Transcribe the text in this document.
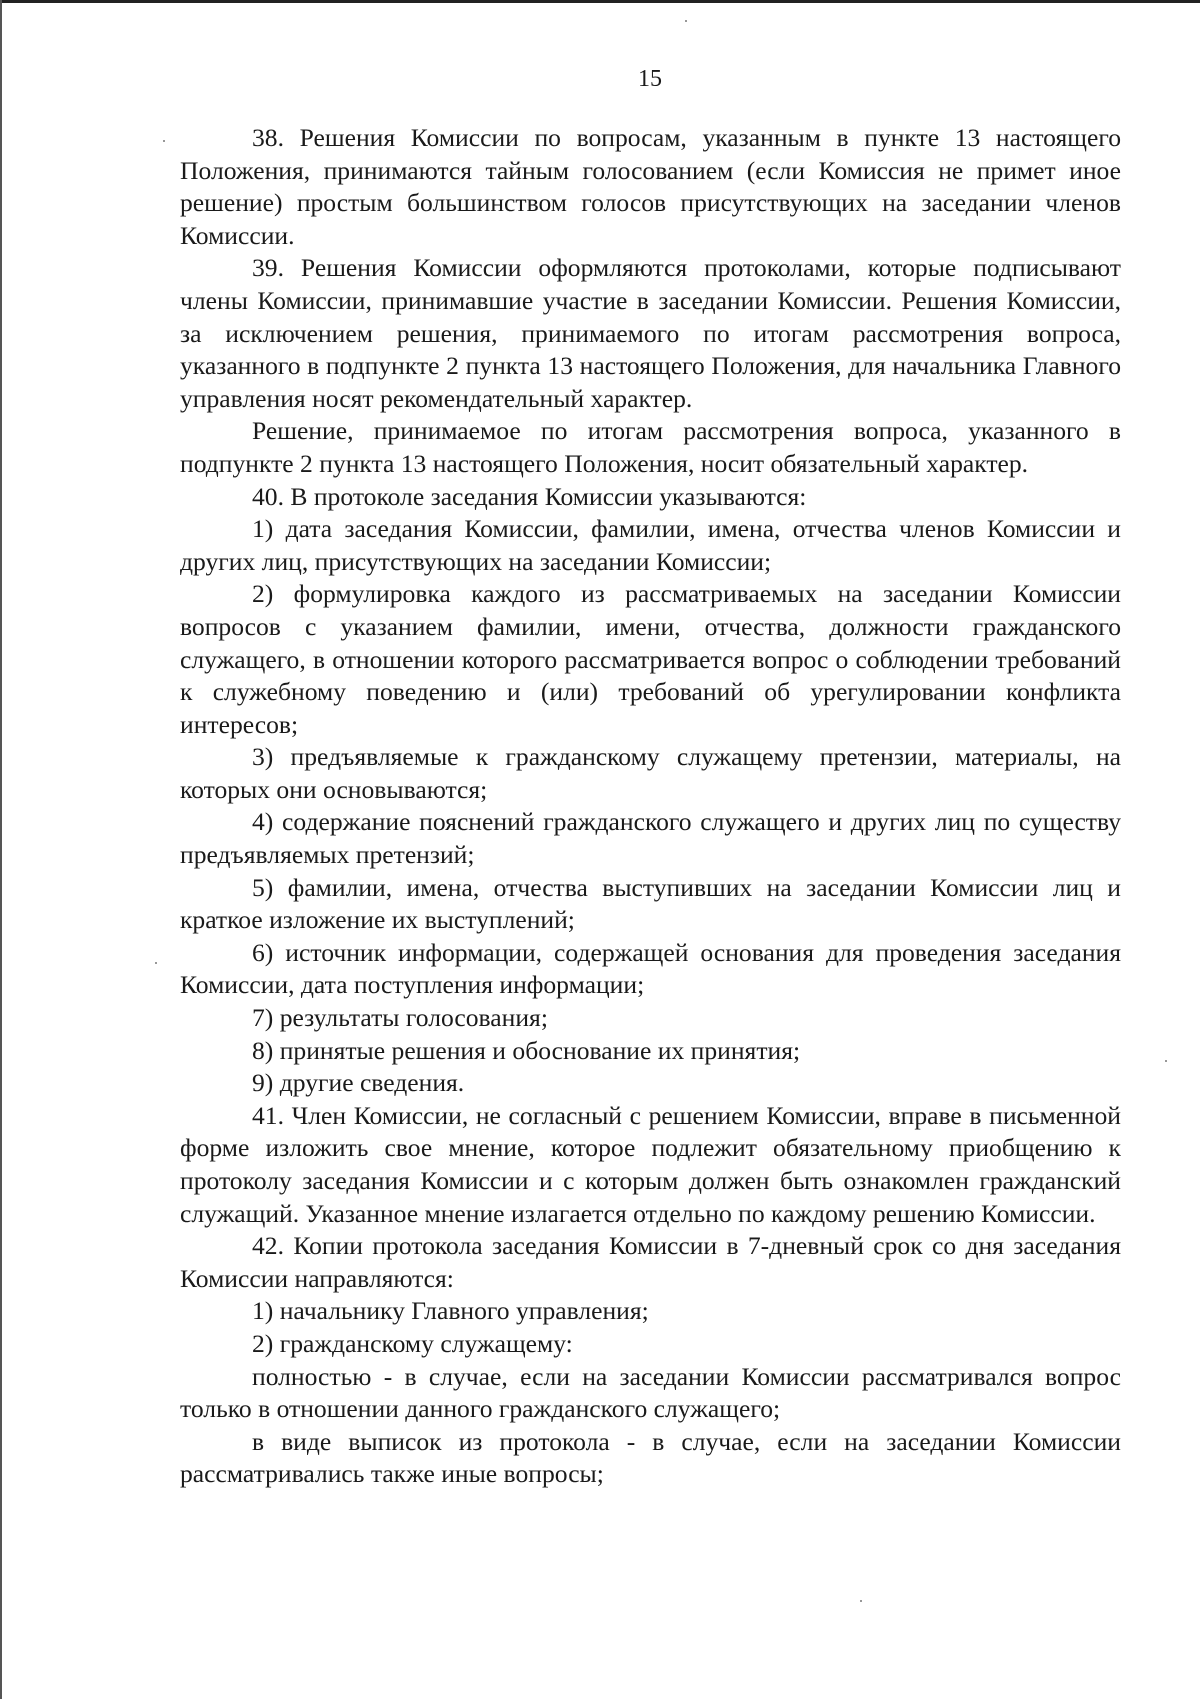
15

38. Решения Комиссии по вопросам, указанным в пункте 13 настоящего Положения, принимаются тайным голосованием (если Комиссия не примет иное решение) простым большинством голосов присутствующих на заседании членов Комиссии.

39. Решения Комиссии оформляются протоколами, которые подписывают члены Комиссии, принимавшие участие в заседании Комиссии. Решения Комиссии, за исключением решения, принимаемого по итогам рассмотрения вопроса, указанного в подпункте 2 пункта 13 настоящего Положения, для начальника Главного управления носят рекомендательный характер.

Решение, принимаемое по итогам рассмотрения вопроса, указанного в подпункте 2 пункта 13 настоящего Положения, носит обязательный характер.

40. В протоколе заседания Комиссии указываются:

1) дата заседания Комиссии, фамилии, имена, отчества членов Комиссии и других лиц, присутствующих на заседании Комиссии;

2) формулировка каждого из рассматриваемых на заседании Комиссии вопросов с указанием фамилии, имени, отчества, должности гражданского служащего, в отношении которого рассматривается вопрос о соблюдении требований к служебному поведению и (или) требований об урегулировании конфликта интересов;

3) предъявляемые к гражданскому служащему претензии, материалы, на которых они основываются;

4) содержание пояснений гражданского служащего и других лиц по существу предъявляемых претензий;

5) фамилии, имена, отчества выступивших на заседании Комиссии лиц и краткое изложение их выступлений;

6) источник информации, содержащей основания для проведения заседания Комиссии, дата поступления информации;

7) результаты голосования;

8) принятые решения и обоснование их принятия;

9) другие сведения.

41. Член Комиссии, не согласный с решением Комиссии, вправе в письменной форме изложить свое мнение, которое подлежит обязательному приобщению к протоколу заседания Комиссии и с которым должен быть ознакомлен гражданский служащий. Указанное мнение излагается отдельно по каждому решению Комиссии.

42. Копии протокола заседания Комиссии в 7-дневный срок со дня заседания Комиссии направляются:

1) начальнику Главного управления;

2) гражданскому служащему:

полностью - в случае, если на заседании Комиссии рассматривался вопрос только в отношении данного гражданского служащего;

в виде выписок из протокола - в случае, если на заседании Комиссии рассматривались также иные вопросы;
